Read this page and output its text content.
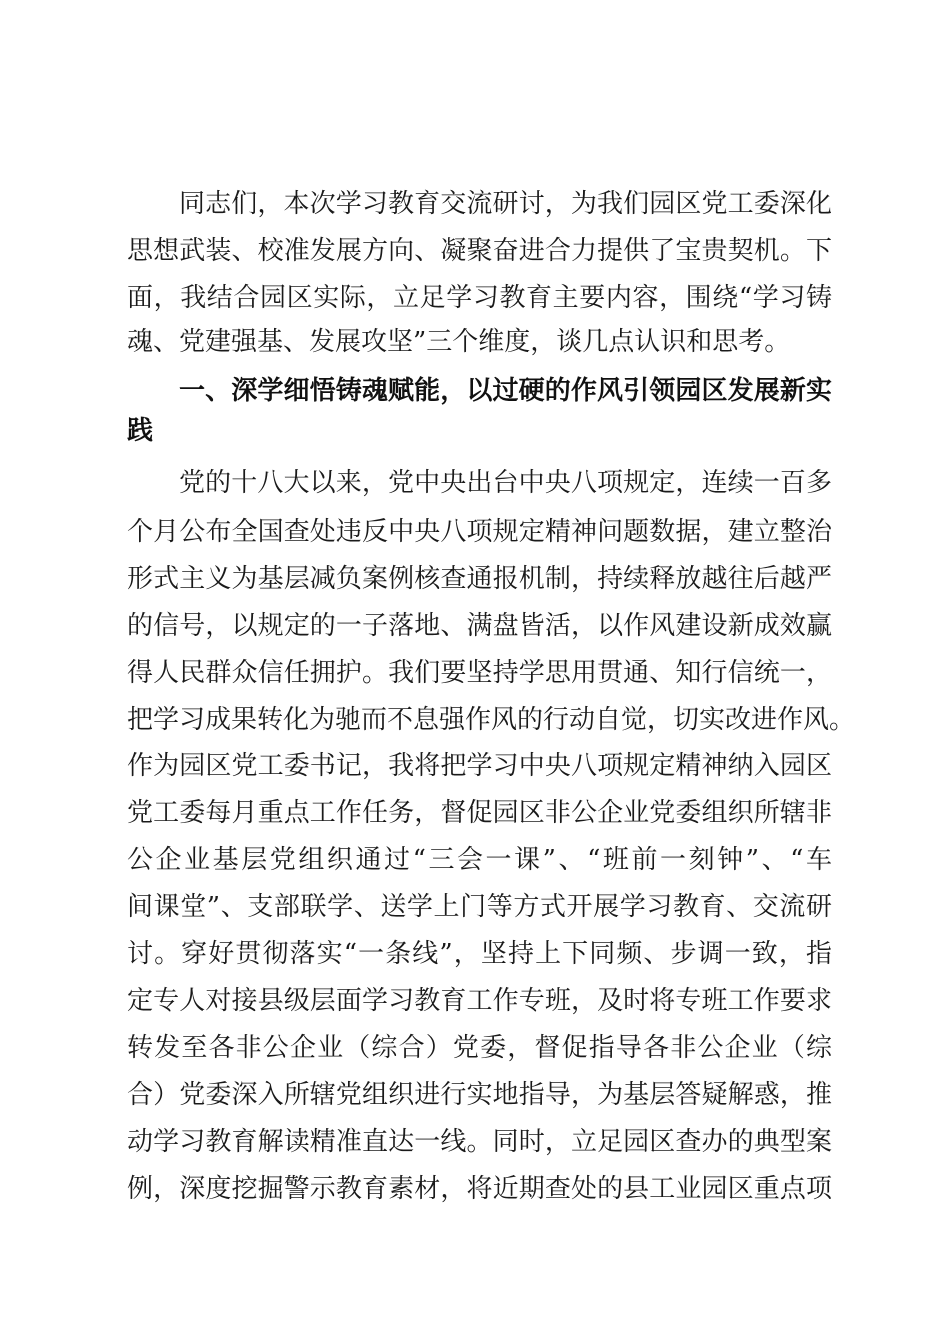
同志们，本次学习教育交流研讨，为我们园区党工委深化
思想武装、校准发展方向、凝聚奋进合力提供了宝贵契机。下
面，我结合园区实际，立足学习教育主要内容，围绕“学习铸
魂、党建强基、发展攻坚”三个维度，谈几点认识和思考。
一、深学细悟铸魂赋能，以过硬的作风引领园区发展新实
践
党的十八大以来，党中央出台中央八项规定，连续一百多
个月公布全国查处违反中央八项规定精神问题数据，建立整治
形式主义为基层减负案例核查通报机制，持续释放越往后越严
的信号，以规定的一子落地、满盘皆活，以作风建设新成效赢
得人民群众信任拥护。我们要坚持学思用贯通、知行信统一，
把学习成果转化为驰而不息强作风的行动自觉，切实改进作风。
作为园区党工委书记，我将把学习中央八项规定精神纳入园区
党工委每月重点工作任务，督促园区非公企业党委组织所辖非
公企业基层党组织通过“三会一课”、“班前一刻钟”、“车
间课堂”、支部联学、送学上门等方式开展学习教育、交流研
讨。穿好贯彻落实“一条线”，坚持上下同频、步调一致，指
定专人对接县级层面学习教育工作专班，及时将专班工作要求
转发至各非公企业（综合）党委，督促指导各非公企业（综
合）党委深入所辖党组织进行实地指导，为基层答疑解惑，推
动学习教育解读精准直达一线。同时，立足园区查办的典型案
例，深度挖掘警示教育素材，将近期查处的县工业园区重点项
